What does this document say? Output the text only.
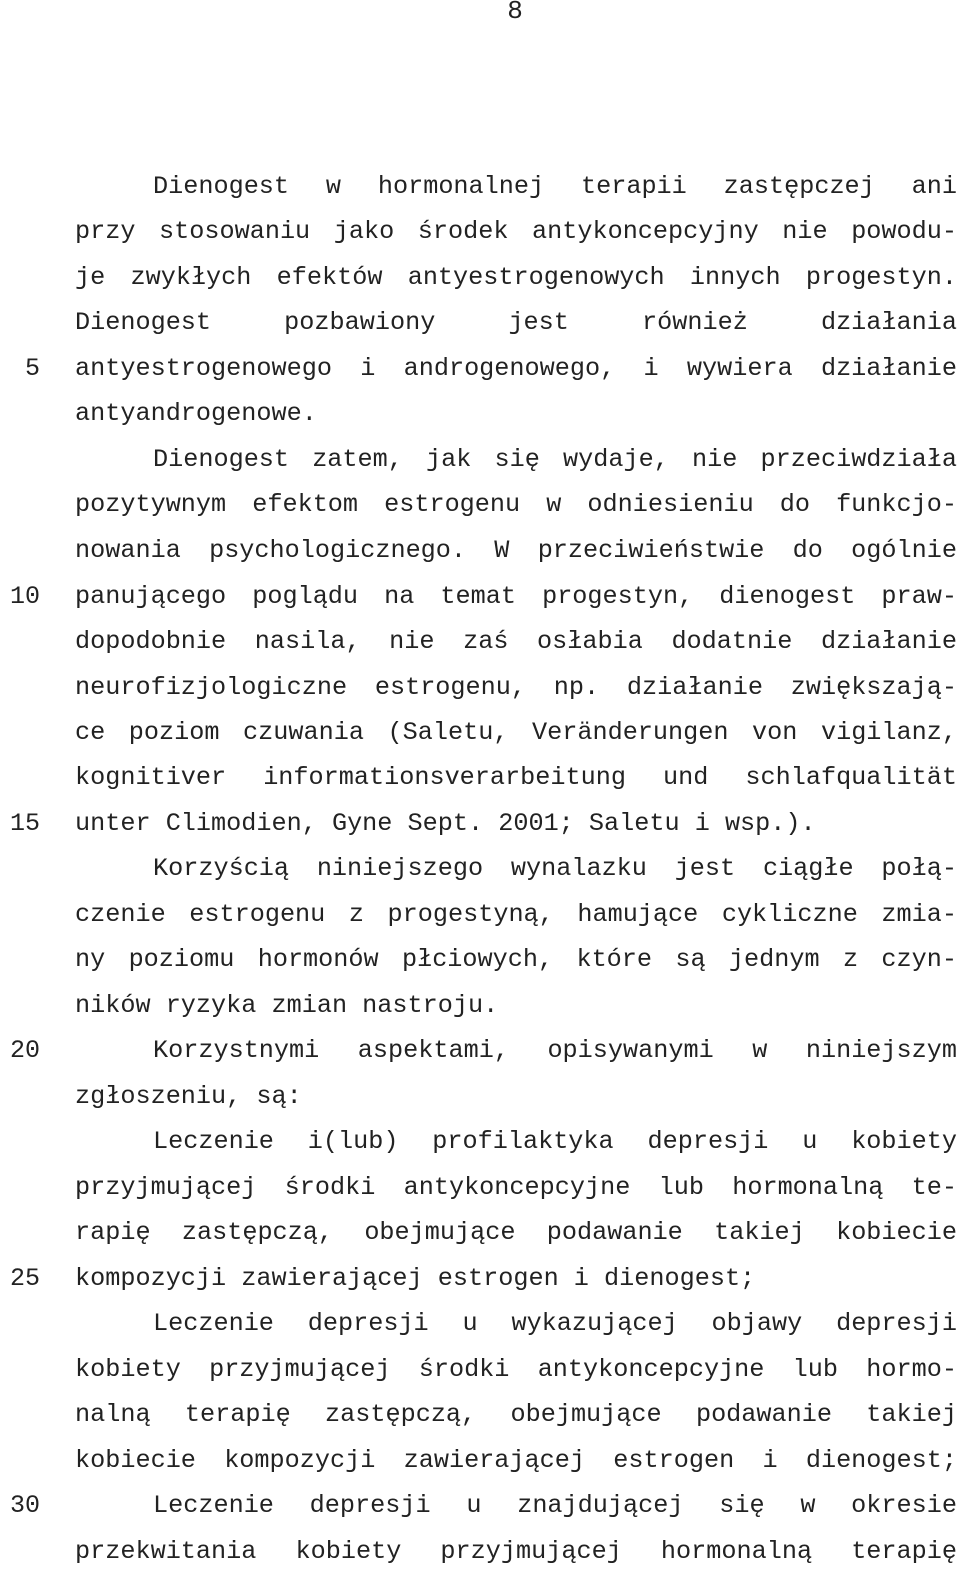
8
5
10
15
20
25
30
Dienogest w hormonalnej terapii zastępczej ani
przy stosowaniu jako środek antykoncepcyjny nie powodu-
je zwykłych efektów antyestrogenowych innych progestyn.
Dienogest pozbawiony jest również działania
antyestrogenowego i androgenowego, i wywiera działanie
antyandrogenowe.
Dienogest zatem, jak się wydaje, nie przeciwdziała
pozytywnym efektom estrogenu w odniesieniu do funkcjo-
nowania psychologicznego. W przeciwieństwie do ogólnie
panującego poglądu na temat progestyn, dienogest praw-
dopodobnie nasila, nie zaś osłabia dodatnie działanie
neurofizjologiczne estrogenu, np. działanie zwiększają-
ce poziom czuwania (Saletu, Veränderungen von vigilanz,
kognitiver informationsverarbeitung und schlafqualität
unter Climodien, Gyne Sept. 2001; Saletu i wsp.).
Korzyścią niniejszego wynalazku jest ciągłe połą-
czenie estrogenu z progestyną, hamujące cykliczne zmia-
ny poziomu hormonów płciowych, które są jednym z czyn-
ników ryzyka zmian nastroju.
Korzystnymi aspektami, opisywanymi w niniejszym
zgłoszeniu, są:
Leczenie i(lub) profilaktyka depresji u kobiety
przyjmującej środki antykoncepcyjne lub hormonalną te-
rapię zastępczą, obejmujące podawanie takiej kobiecie
kompozycji zawierającej estrogen i dienogest;
Leczenie depresji u wykazującej objawy depresji
kobiety przyjmującej środki antykoncepcyjne lub hormo-
nalną terapię zastępczą, obejmujące podawanie takiej
kobiecie kompozycji zawierającej estrogen i dienogest;
Leczenie depresji u znajdującej się w okresie
przekwitania kobiety przyjmującej hormonalną terapię
